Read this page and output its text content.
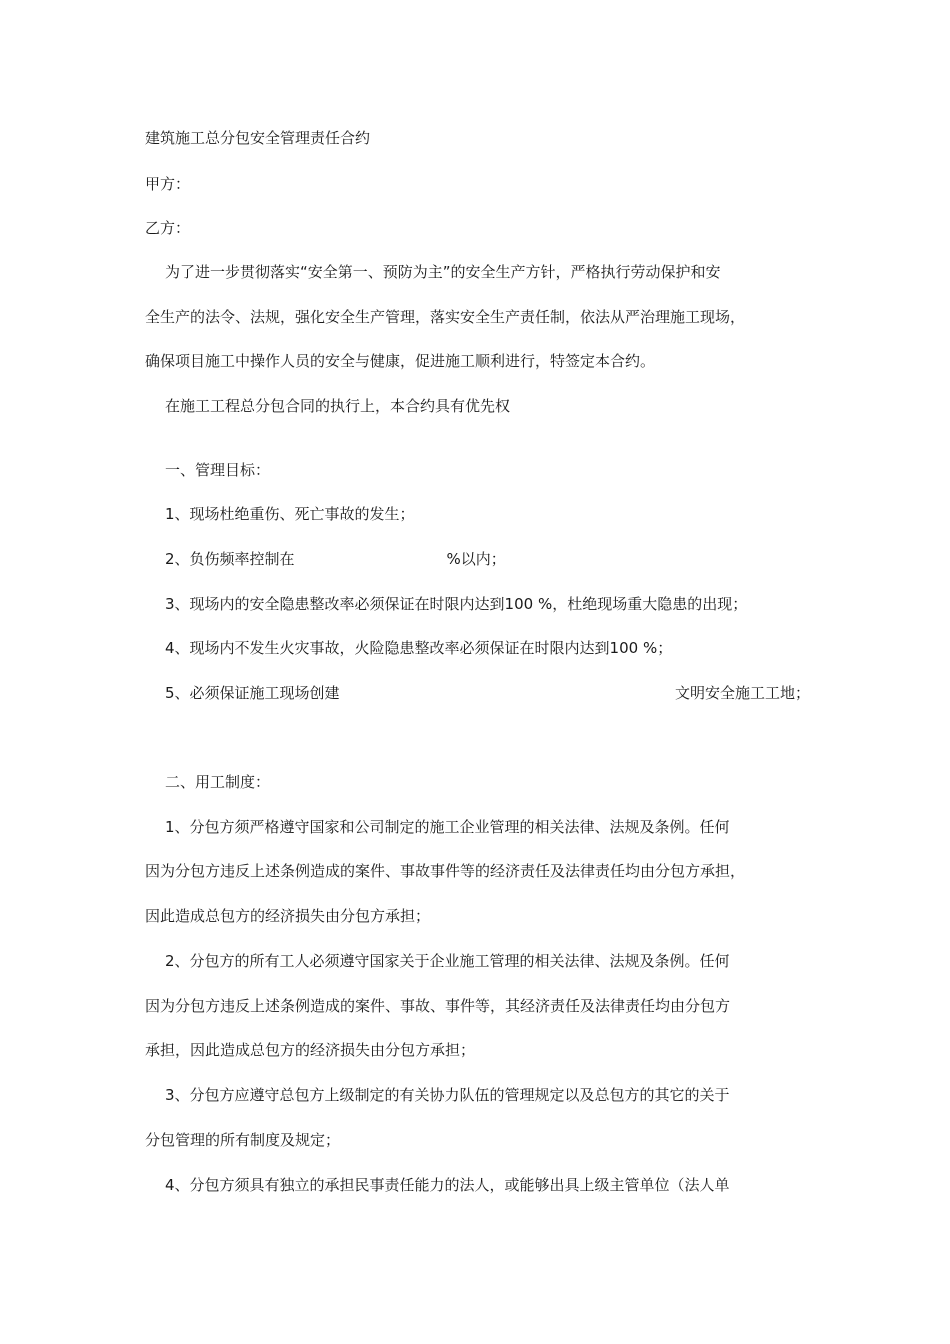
建筑施工总分包安全管理责任合约
甲方：
乙方：
为了进一步贯彻落实“安全第一、预防为主”的安全生产方针，严格执行劳动保护和安
全生产的法令、法规，强化安全生产管理，落实安全生产责任制，依法从严治理施工现场，
确保项目施工中操作人员的安全与健康，促进施工顺利进行，特签定本合约。
在施工工程总分包合同的执行上，本合约具有优先权
一、管理目标：
1、现场杜绝重伤、死亡事故的发生；
2、负伤频率控制在	%以内；
3、现场内的安全隐患整改率必须保证在时限内达到100 %，杜绝现场重大隐患的出现；
4、现场内不发生火灾事故，火险隐患整改率必须保证在时限内达到100 %；
5、必须保证施工现场创建	文明安全施工工地；
二、用工制度：
1、分包方须严格遵守国家和公司制定的施工企业管理的相关法律、法规及条例。任何
因为分包方违反上述条例造成的案件、事故事件等的经济责任及法律责任均由分包方承担，
因此造成总包方的经济损失由分包方承担；
2、分包方的所有工人必须遵守国家关于企业施工管理的相关法律、法规及条例。任何
因为分包方违反上述条例造成的案件、事故、事件等，其经济责任及法律责任均由分包方
承担，因此造成总包方的经济损失由分包方承担；
3、分包方应遵守总包方上级制定的有关协力队伍的管理规定以及总包方的其它的关于
分包管理的所有制度及规定；
4、分包方须具有独立的承担民事责任能力的法人，或能够出具上级主管单位（法人单
